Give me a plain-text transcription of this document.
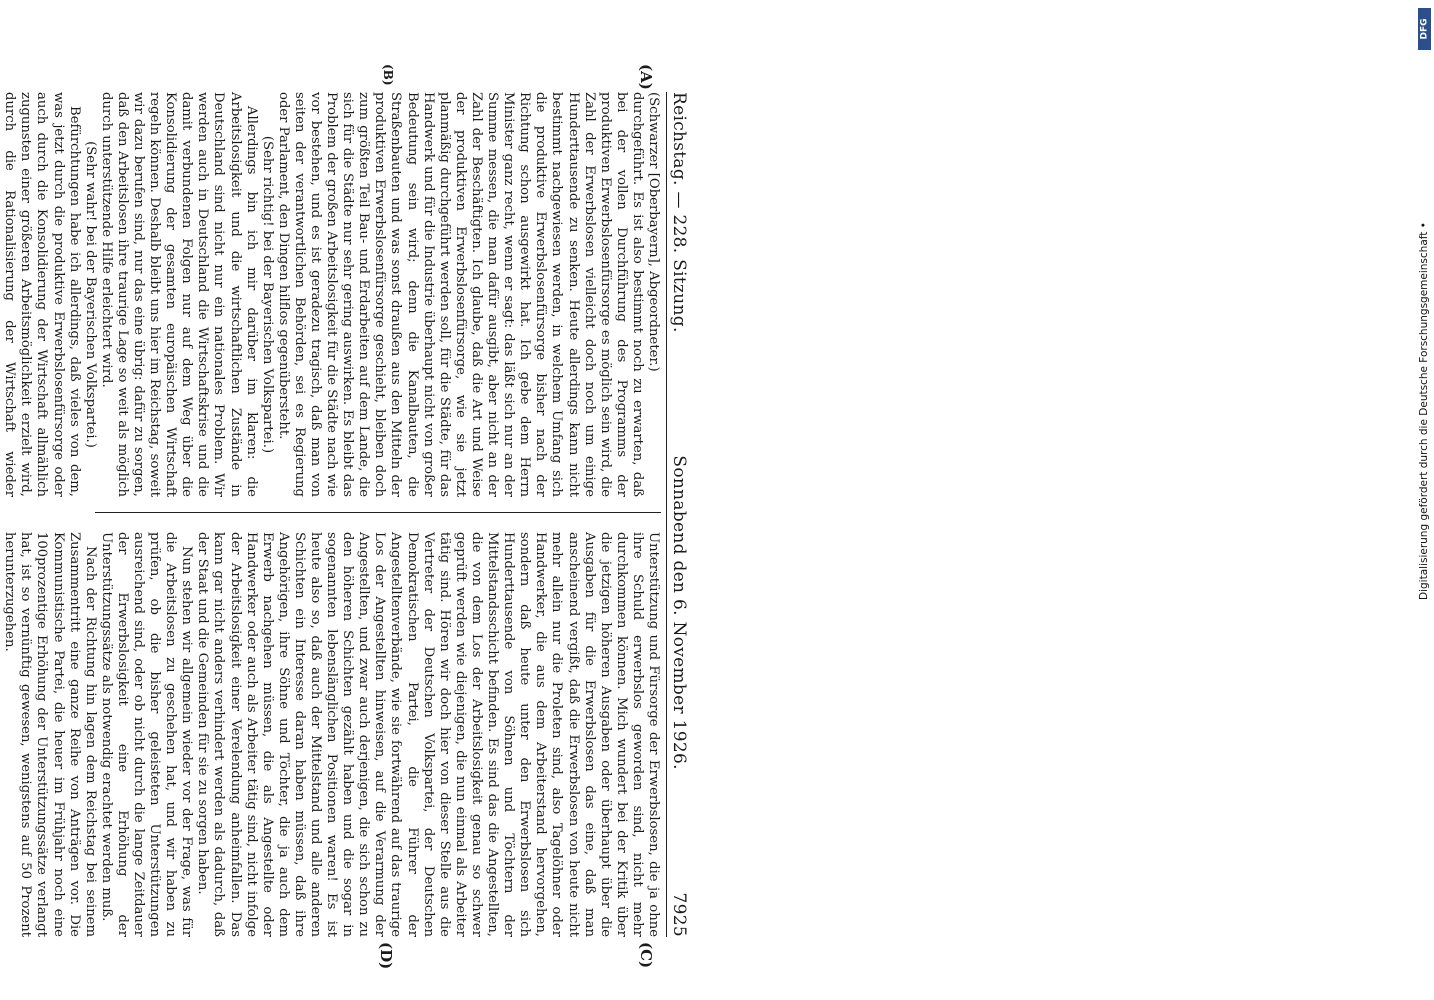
Reichstag. — 228. Sitzung.
Sonnabend den 6. November 1926.
7925

(Schwarzer [Oberbayern], Abgeordneter.)

durchgeführt. Es ist also bestimmt noch zu erwarten, daß bei der vollen Durchführung des Programms der produktiven Erwerbslosenfürsorge es möglich sein wird, die Zahl der Erwerbslosen vielleicht doch noch um einige Hunderttausende zu senken. Heute allerdings kann nicht bestimmt nachgewiesen werden, in welchem Umfang sich die produktive Erwerbslosenfürsorge bisher nach der Richtung schon ausgewirkt hat. Ich gebe dem Herrn Minister ganz recht, wenn er sagt: das läßt sich nur an der Summe messen, die man dafür ausgibt, aber nicht an der Zahl der Beschäftigten. Ich glaube, daß die Art und Weise der produktiven Erwerbslosenfürsorge, wie sie jetzt planmäßig durchgeführt werden soll, für die Städte, für das Handwerk und für die Industrie überhaupt nicht von großer Bedeutung sein wird; denn die Kanalbauten, die Straßenbauten und was sonst draußen aus den Mitteln der produktiven Erwerbslosenfürsorge geschieht, bleiben doch zum größten Teil Bau- und Erdarbeiten auf dem Lande, die sich für die Städte nur sehr gering auswirken. Es bleibt das Problem der großen Arbeitslosigkeit für die Städte nach wie vor bestehen, und es ist geradezu tragisch, daß man von seiten der verantwortlichen Behörden, sei es Regierung oder Parlament, den Dingen hilflos gegenübersteht.

(Sehr richtig! bei der Bayerischen Volkspartei.)

Allerdings bin ich mir darüber im klaren: die Arbeitslosigkeit und die wirtschaftlichen Zustände in Deutschland sind nicht nur ein nationales Problem. Wir werden auch in Deutschland die Wirtschaftskrise und die damit verbundenen Folgen nur auf dem Weg über die Konsolidierung der gesamten europäischen Wirtschaft regeln können. Deshalb bleibt uns hier im Reichstag, soweit wir dazu berufen sind, nur das eine übrig: dafür zu sorgen, daß den Arbeitslosen ihre traurige Lage so weit als möglich durch unterstützende Hilfe erleichtert wird.

(Sehr wahr! bei der Bayerischen Volkspartei.)

Befürchtungen habe ich allerdings, daß vieles von dem, was jetzt durch die produktive Erwerbslosenfürsorge oder auch durch die Konsolidierung der Wirtschaft allmählich zugunsten einer größeren Arbeitsmöglichkeit erzielt wird, durch die Rationalisierung der Wirtschaft wieder

Unterstützung und Fürsorge der Erwerbslosen, die ja ohne ihre Schuld erwerbslos geworden sind, nicht mehr durchkommen können. Mich wundert bei der Kritik über die jetzigen höheren Ausgaben oder überhaupt über die Ausgaben für die Erwerbslosen das eine, daß man anscheinend vergißt, daß die Erwerbslosen von heute nicht mehr allein nur die Proleten sind, also Tagelöhner oder Handwerker, die aus dem Arbeiterstand hervorgehen, sondern daß heute unter den Erwerbslosen sich Hunderttausende von Söhnen und Töchtern der Mittelstandsschicht befinden. Es sind das die Angestellten, die von dem Los der Arbeitslosigkeit genau so schwer geprüft werden wie diejenigen, die nun einmal als Arbeiter tätig sind. Hören wir doch hier von dieser Stelle aus die Vertreter der Deutschen Volkspartei, der Deutschen Demokratischen Partei, die Führer der Angestelltenverbände, wie sie fortwährend auf das traurige Los der Angestellten hinweisen, auf die Verarmung der Angestellten, und zwar auch derjenigen, die sich schon zu den höheren Schichten gezählt haben und die sogar in sogenannten lebenslänglichen Positionen waren! Es ist heute also so, daß auch der Mittelstand und alle anderen Schichten ein Interesse daran haben müssen, daß ihre Angehörigen, ihre Söhne und Töchter, die ja auch dem Erwerb nachgehen müssen, die als Angestellte oder Handwerker oder auch als Arbeiter tätig sind, nicht infolge der Arbeitslosigkeit einer Verelendung anheimfallen. Das kann gar nicht anders verhindert werden als dadurch, daß der Staat und die Gemeinden für sie zu sorgen haben.

Nun stehen wir allgemein wieder vor der Frage, was für die Arbeitslosen zu geschehen hat, und wir haben zu prüfen, ob die bisher geleisteten Unterstützungen ausreichend sind, oder ob nicht durch die lange Zeitdauer der Erwerbslosigkeit eine Erhöhung der Unterstützungssätze als notwendig erachtet werden muß.

Nach der Richtung hin lagen dem Reichstag bei seinem Zusammentritt eine ganze Reihe von Anträgen vor. Die Kommunistische Partei, die heuer im Frühjahr noch eine 100prozentige Erhöhung der Unterstützungssätze verlangt hat, ist so vernünftig gewesen, wenigstens auf 50 Prozent herunterzugehen.

(A)
(B)
(C)
(D)
DFG
Digitalisierung gefördert durch die Deutsche Forschungsgemeinschaft •
